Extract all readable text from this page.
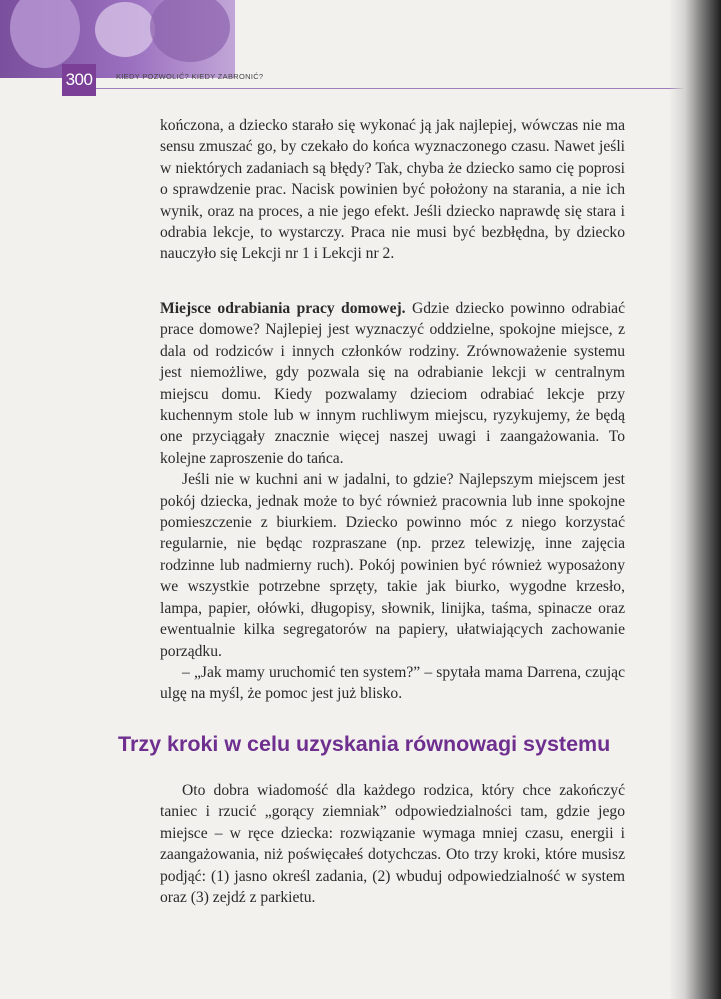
300	KIEDY POZWOLIĆ? KIEDY ZABRONIĆ?

kończona, a dziecko starało się wykonać ją jak najlepiej, wówczas nie ma sensu zmuszać go, by czekało do końca wyznaczonego czasu. Nawet jeśli w niektórych zadaniach są błędy? Tak, chyba że dziecko samo cię poprosi o sprawdzenie prac. Nacisk powinien być położony na starania, a nie ich wynik, oraz na proces, a nie jego efekt. Jeśli dziecko naprawdę się stara i odrabia lekcje, to wystarczy. Praca nie musi być bezbłędna, by dziecko nauczyło się Lekcji nr 1 i Lekcji nr 2.

Miejsce odrabiania pracy domowej. Gdzie dziecko powinno odrabiać prace domowe? Najlepiej jest wyznaczyć oddzielne, spokojne miejsce, z dala od rodziców i innych członków rodziny. Zrównoważenie systemu jest niemożliwe, gdy pozwala się na odrabianie lekcji w centralnym miejscu domu. Kiedy pozwalamy dzieciom odrabiać lekcje przy kuchennym stole lub w innym ruchliwym miejscu, ryzykujemy, że będą one przyciągały znacznie więcej naszej uwagi i zaangażowania. To kolejne zaproszenie do tańca.

Jeśli nie w kuchni ani w jadalni, to gdzie? Najlepszym miejscem jest pokój dziecka, jednak może to być również pracownia lub inne spokojne pomieszczenie z biurkiem. Dziecko powinno móc z niego korzystać regularnie, nie będąc rozpraszane (np. przez telewizję, inne zajęcia rodzinne lub nadmierny ruch). Pokój powinien być również wyposażony we wszystkie potrzebne sprzęty, takie jak biurko, wygodne krzesło, lampa, papier, ołówki, długopisy, słownik, linijka, taśma, spinacze oraz ewentualnie kilka segregatorów na papiery, ułatwiających zachowanie porządku.

– „Jak mamy uruchomić ten system?” – spytała mama Darrena, czując ulgę na myśl, że pomoc jest już blisko.

Trzy kroki w celu uzyskania równowagi systemu

Oto dobra wiadomość dla każdego rodzica, który chce zakończyć taniec i rzucić „gorący ziemniak” odpowiedzialności tam, gdzie jego miejsce – w ręce dziecka: rozwiązanie wymaga mniej czasu, energii i zaangażowania, niż poświęcałeś dotychczas. Oto trzy kroki, które musisz podjąć: (1) jasno określ zadania, (2) wbuduj odpowiedzialność w system oraz (3) zejdź z parkietu.
